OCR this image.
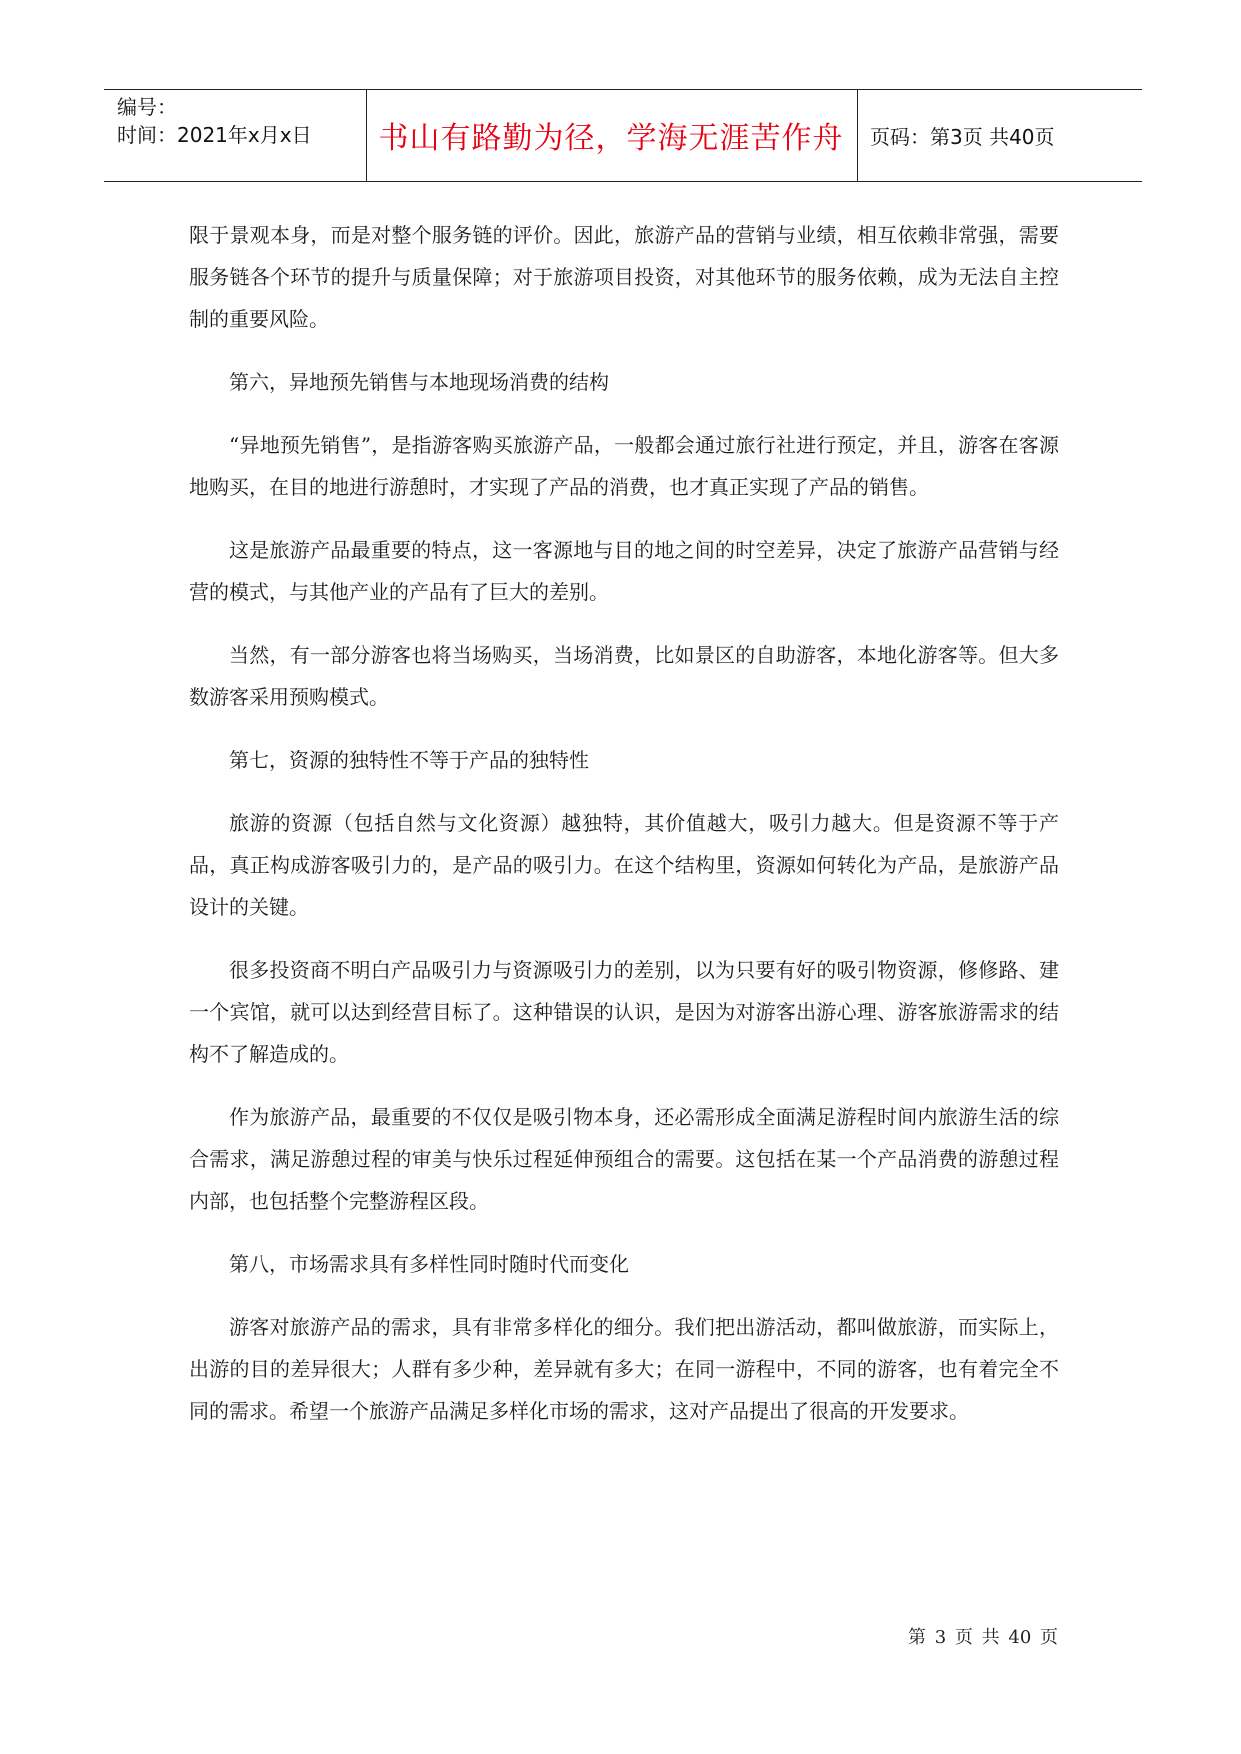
编号：
时间：2021年x月x日	书山有路勤为径，学海无涯苦作舟	页码：第3页 共40页

限于景观本身，而是对整个服务链的评价。因此，旅游产品的营销与业绩，相互依赖非常强，需要服务链各个环节的提升与质量保障；对于旅游项目投资，对其他环节的服务依赖，成为无法自主控制的重要风险。

第六，异地预先销售与本地现场消费的结构

“异地预先销售”，是指游客购买旅游产品，一般都会通过旅行社进行预定，并且，游客在客源地购买，在目的地进行游憩时，才实现了产品的消费，也才真正实现了产品的销售。

这是旅游产品最重要的特点，这一客源地与目的地之间的时空差异，决定了旅游产品营销与经营的模式，与其他产业的产品有了巨大的差别。

当然，有一部分游客也将当场购买，当场消费，比如景区的自助游客，本地化游客等。但大多数游客采用预购模式。

第七，资源的独特性不等于产品的独特性

旅游的资源（包括自然与文化资源）越独特，其价值越大，吸引力越大。但是资源不等于产品，真正构成游客吸引力的，是产品的吸引力。在这个结构里，资源如何转化为产品，是旅游产品设计的关键。

很多投资商不明白产品吸引力与资源吸引力的差别，以为只要有好的吸引物资源，修修路、建一个宾馆，就可以达到经营目标了。这种错误的认识，是因为对游客出游心理、游客旅游需求的结构不了解造成的。

作为旅游产品，最重要的不仅仅是吸引物本身，还必需形成全面满足游程时间内旅游生活的综合需求，满足游憩过程的审美与快乐过程延伸预组合的需要。这包括在某一个产品消费的游憩过程内部，也包括整个完整游程区段。

第八，市场需求具有多样性同时随时代而变化

游客对旅游产品的需求，具有非常多样化的细分。我们把出游活动，都叫做旅游，而实际上，出游的目的差异很大；人群有多少种，差异就有多大；在同一游程中，不同的游客，也有着完全不同的需求。希望一个旅游产品满足多样化市场的需求，这对产品提出了很高的开发要求。

第 3 页 共 40 页
